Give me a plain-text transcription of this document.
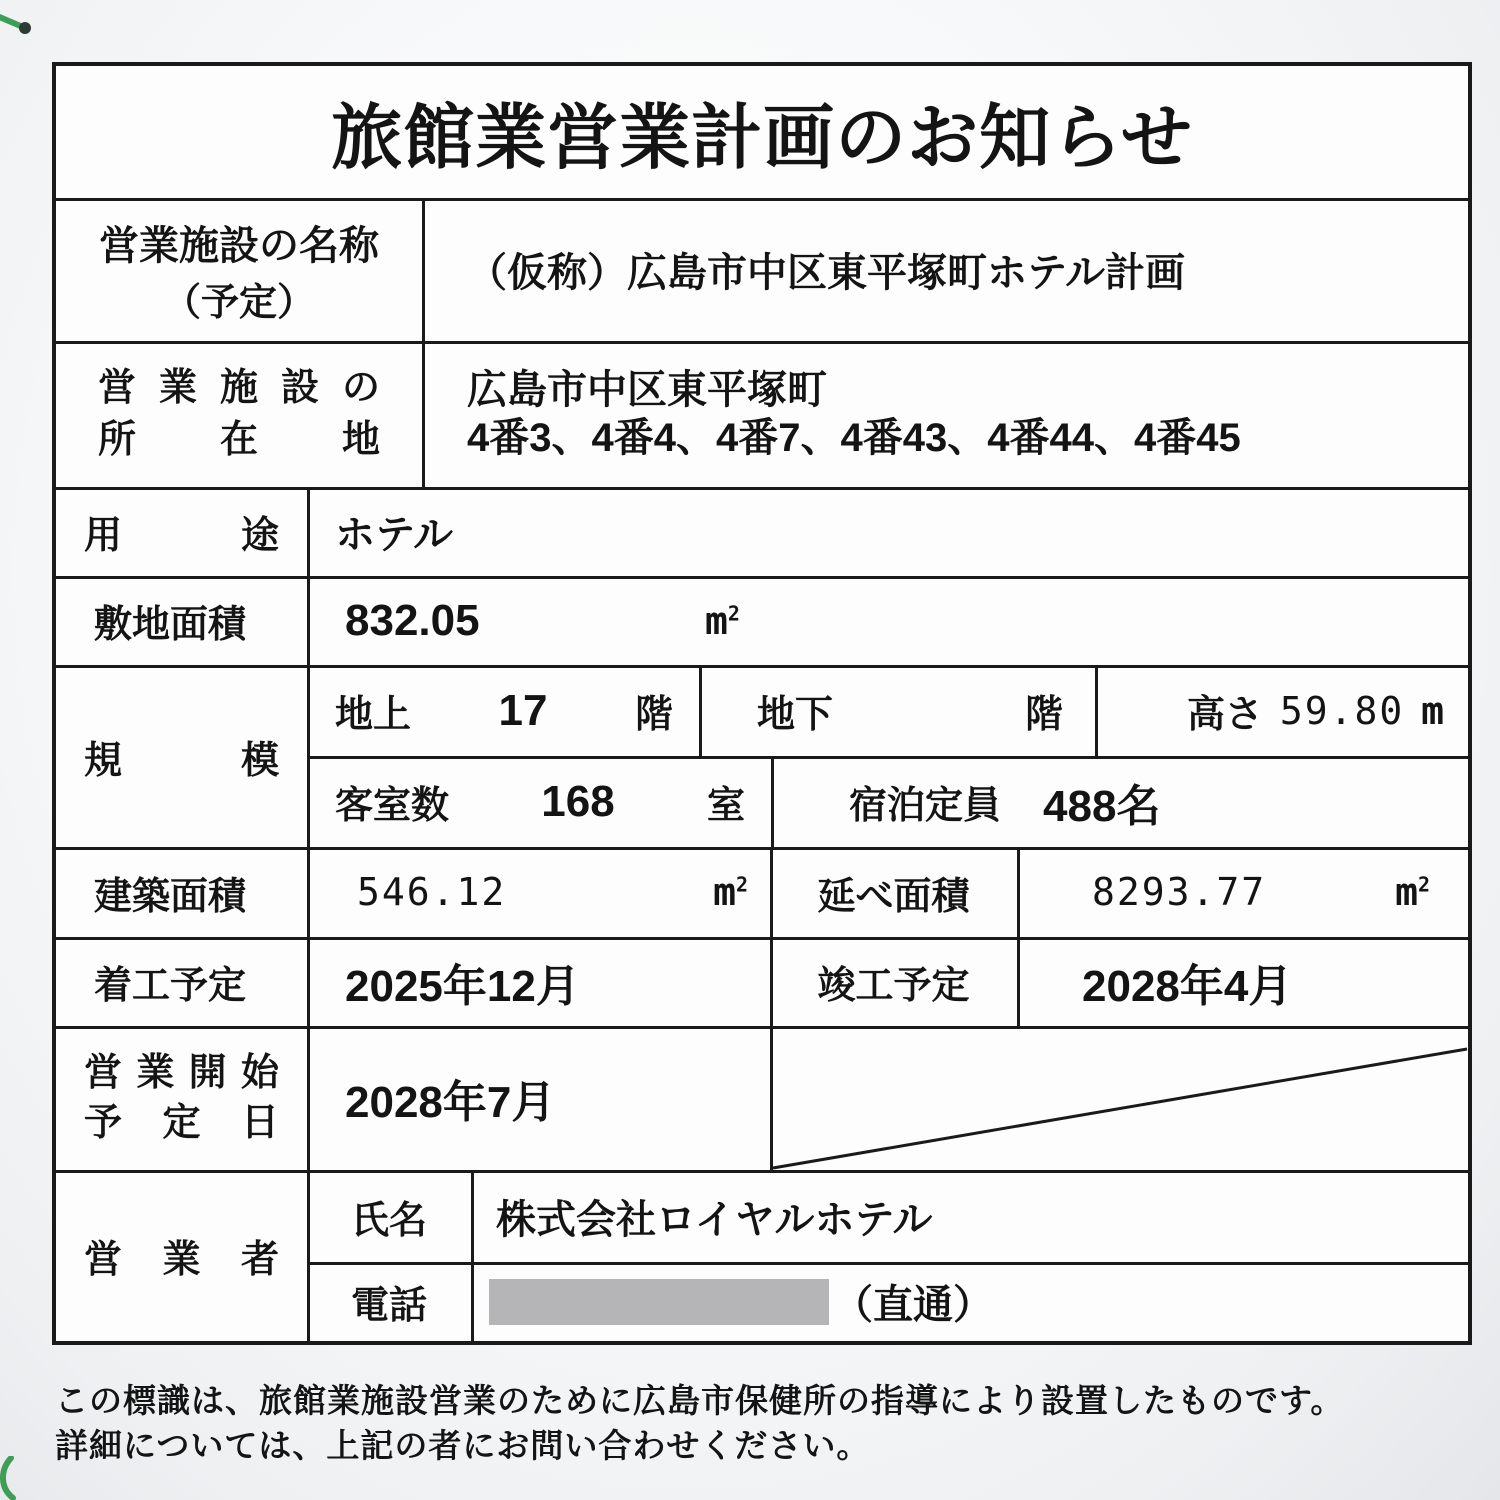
旅館業営業計画のお知らせ
営業施設の名称
（予定）
（仮称）広島市中区東平塚町ホテル計画
営業施設の
所在地
広島市中区東平塚町
4番3、4番4、4番7、4番43、4番44、4番45
用途 ホテル
敷地面積 832.05	$m^2$
規模
地上 17 階 地下	階	高さ 59.80 m
客室数 168 室	宿泊定員 488名
建築面積	546.12	$m^2$ 延べ面積	8293.77	$m^2$
着工予定 2025年12月	竣工予定	2028年4月
営業開始
予定日 2028年7月
営業者
氏名 株式会社ロイヤルホテル
電話	（直通）
この標識は、旅館業施設営業のために広島市保健所の指導により設置したものです。
詳細については、上記の者にお問い合わせください。
